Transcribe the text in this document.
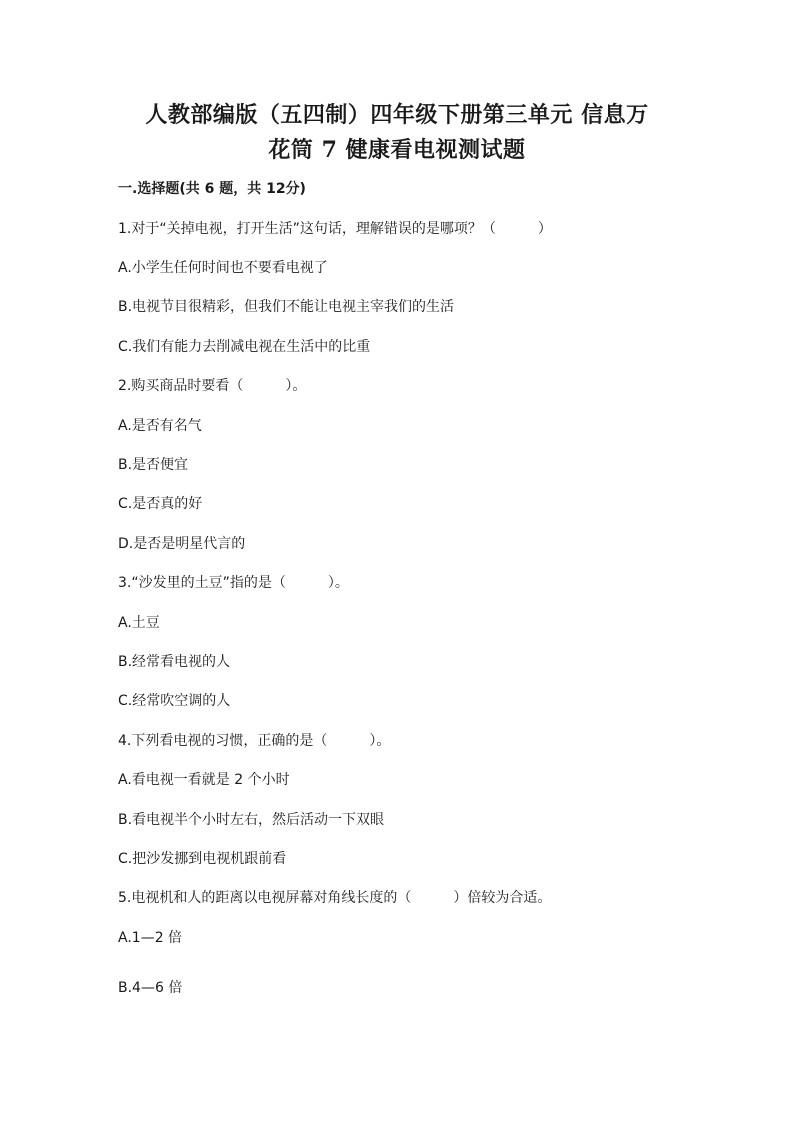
人教部编版（五四制）四年级下册第三单元 信息万
花筒 7 健康看电视测试题
一.选择题(共 6 题，共 12分)
1.对于“关掉电视，打开生活”这句话，理解错误的是哪项？（　　　）
A.小学生任何时间也不要看电视了
B.电视节目很精彩，但我们不能让电视主宰我们的生活
C.我们有能力去削减电视在生活中的比重
2.购买商品时要看（　　　）。
A.是否有名气
B.是否便宜
C.是否真的好
D.是否是明星代言的
3.“沙发里的土豆”指的是（　　　）。
A.土豆
B.经常看电视的人
C.经常吹空调的人
4.下列看电视的习惯，正确的是（　　　）。
A.看电视一看就是 2 个小时
B.看电视半个小时左右，然后活动一下双眼
C.把沙发挪到电视机跟前看
5.电视机和人的距离以电视屏幕对角线长度的（　　　）倍较为合适。
A.1—2 倍
B.4—6 倍
